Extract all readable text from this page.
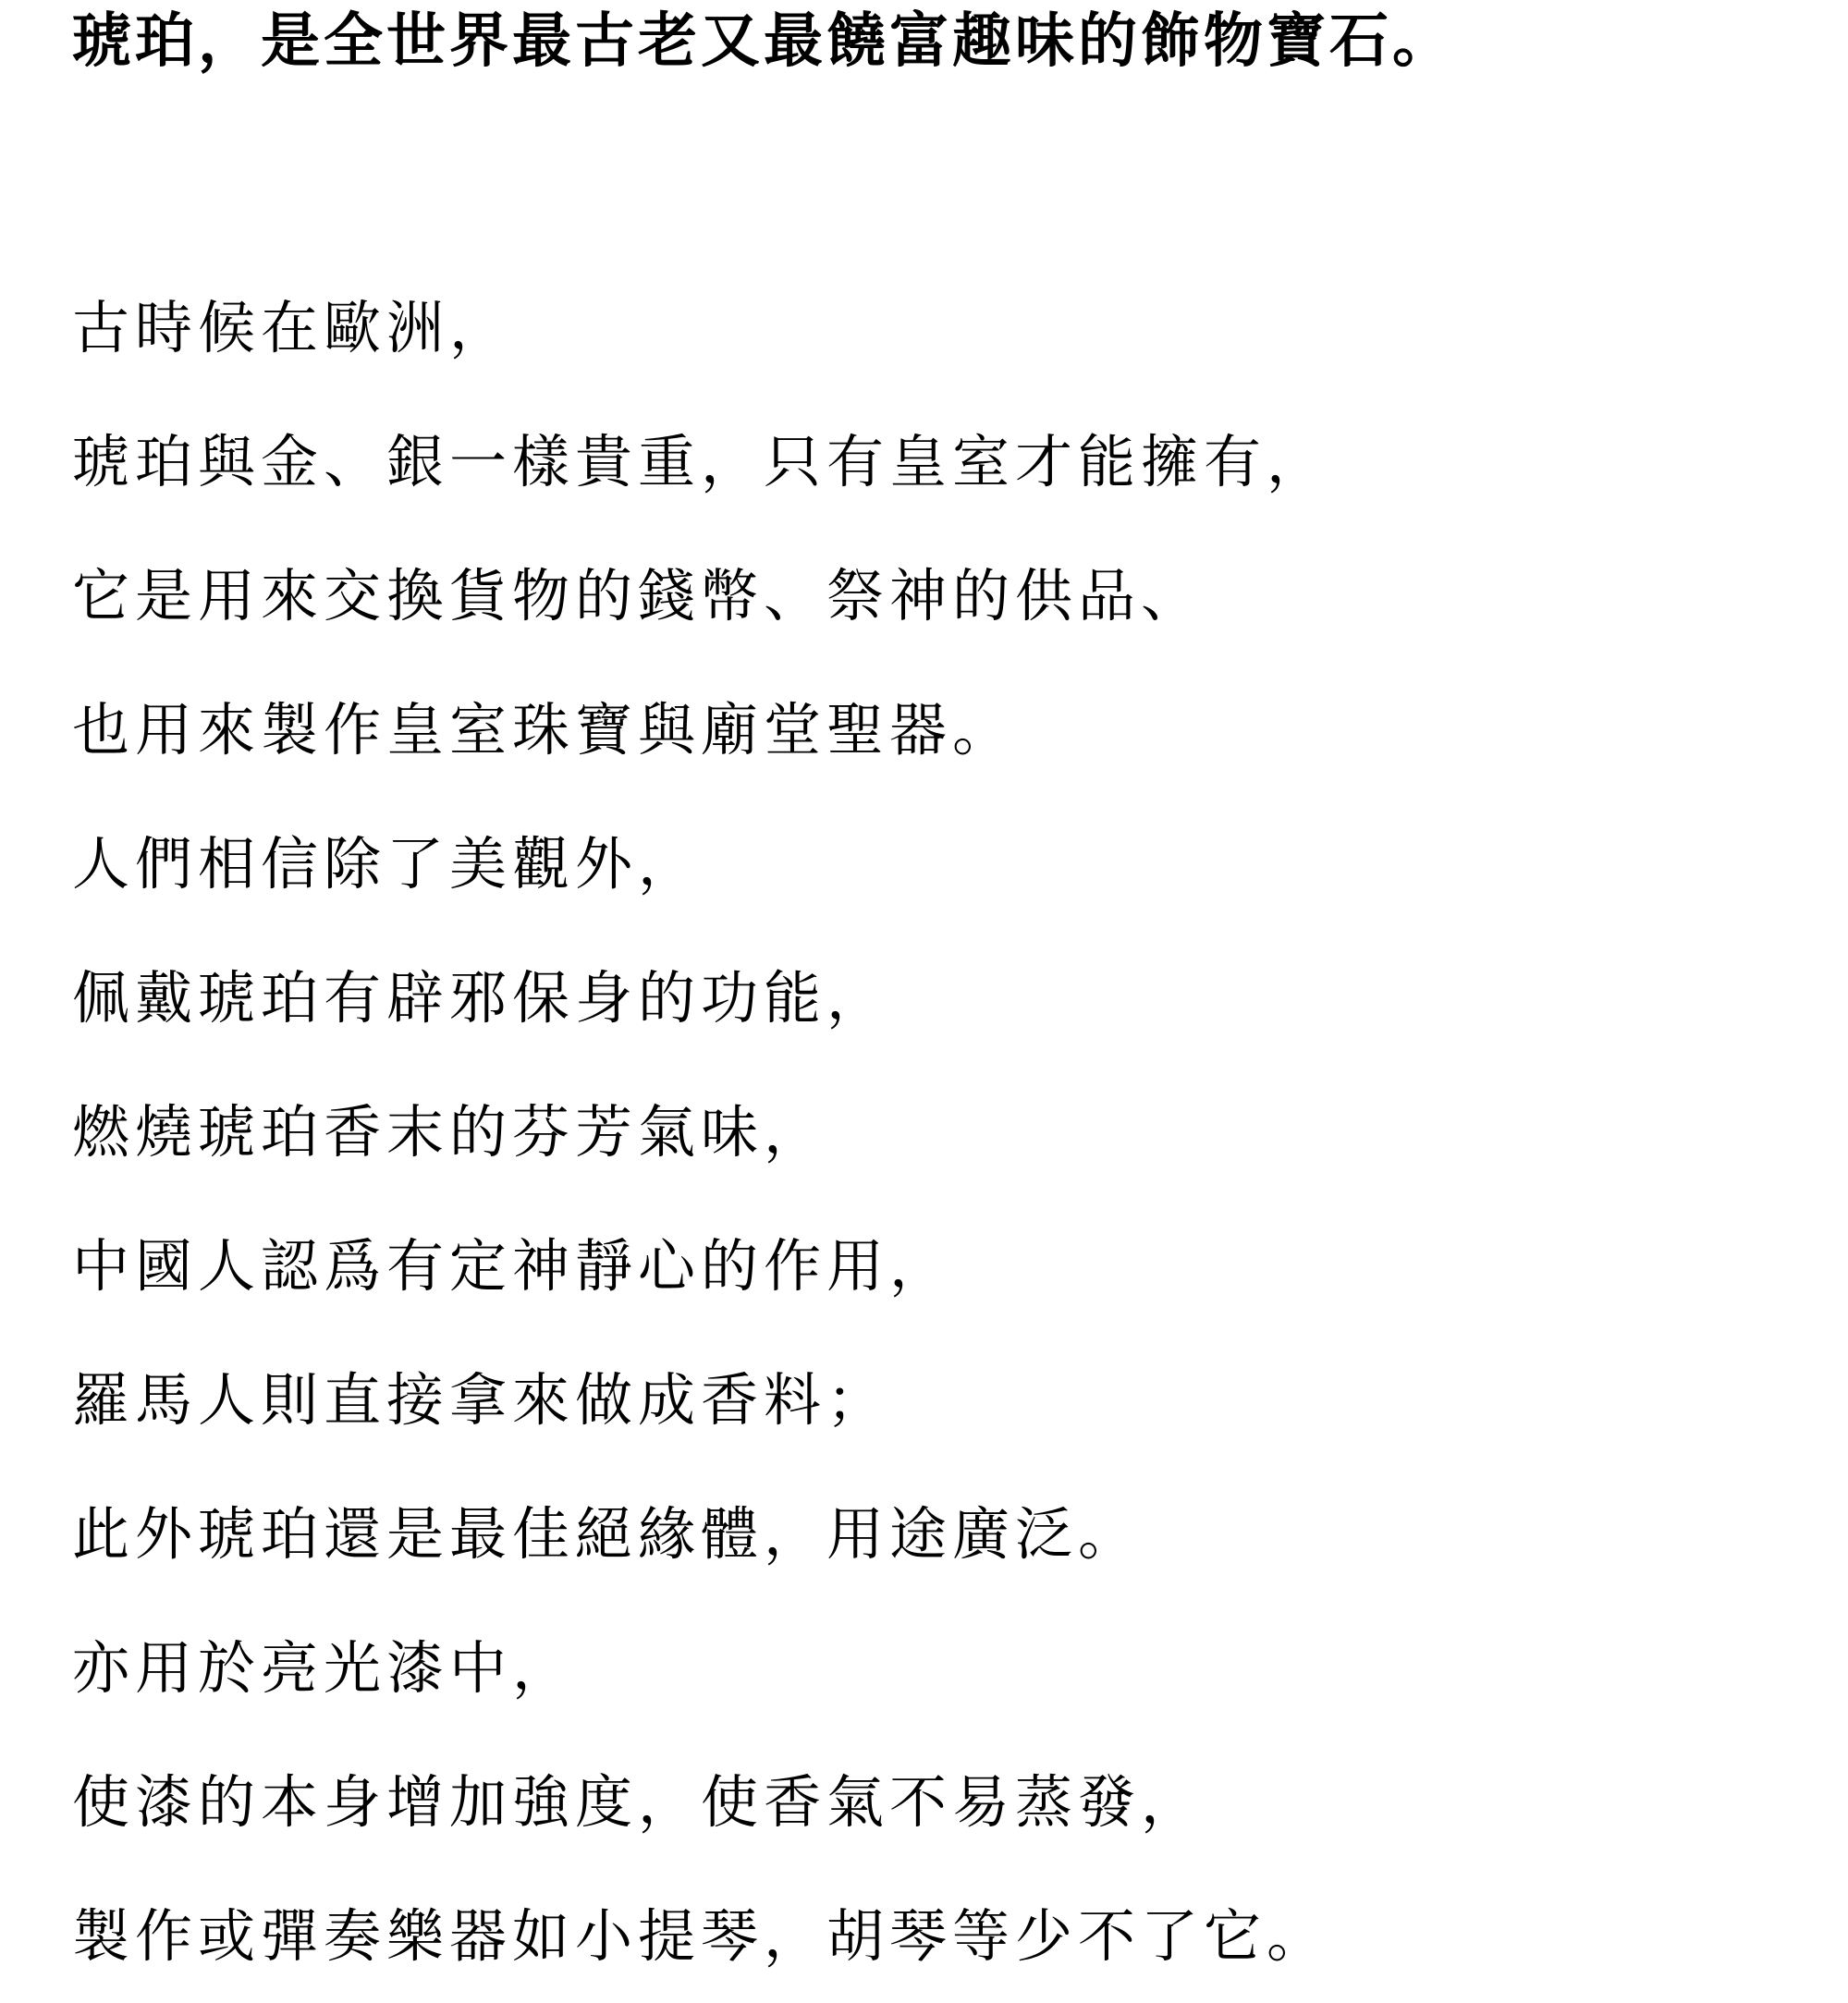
琥珀，是全世界最古老又最饒富趣味的飾物寶石。
古時候在歐洲，
琥珀與金、銀一樣貴重，只有皇室才能擁有，
它是用來交換貨物的錢幣、祭神的供品、
也用來製作皇室珠寶與廟堂聖器。
人們相信除了美觀外，
佩戴琥珀有辟邪保身的功能，
燃燒琥珀香末的芬芳氣味，
中國人認爲有定神靜心的作用，
羅馬人則直接拿來做成香料；
此外琥珀還是最佳絕緣體，用途廣泛。
亦用於亮光漆中，
使漆的本身增加強度，使香氣不易蒸發，
製作或彈奏樂器如小提琴，胡琴等少不了它。
